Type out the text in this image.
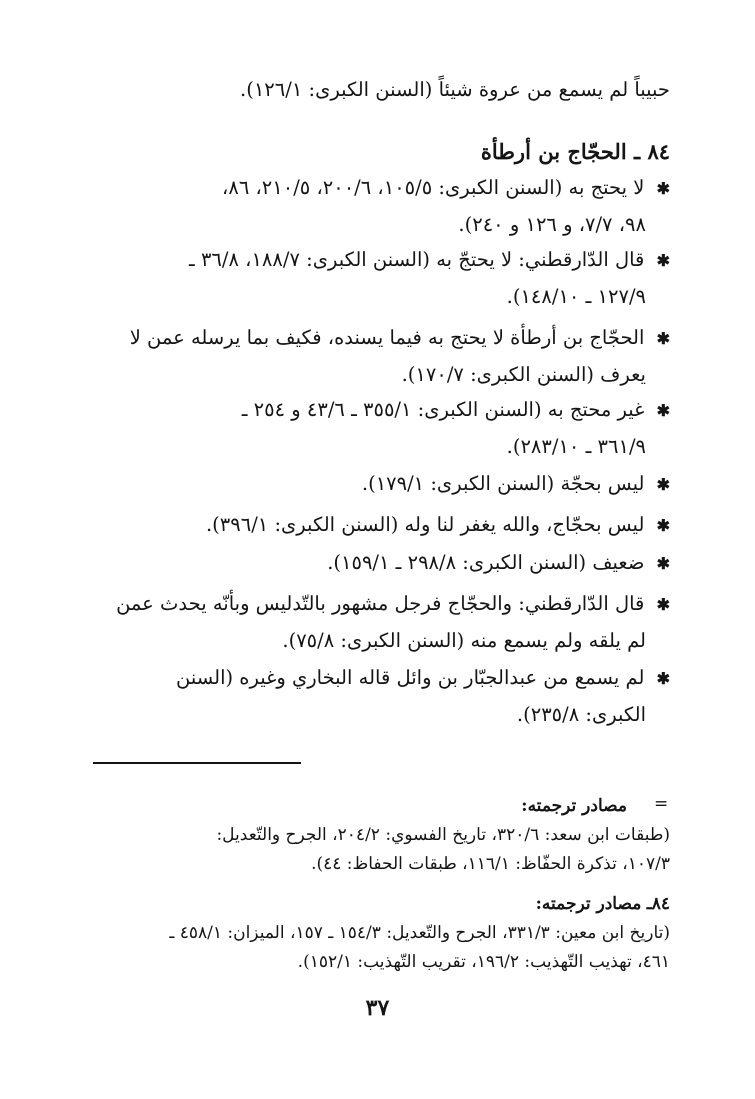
حبيباً لم يسمع من عروة شيئاً (السنن الكبرى: ١٢٦/١).

٨٤ ـ الحجّاج بن أرطأة

✱ لا يحتج به (السنن الكبرى: ١٠٥/٥، ٢٠٠/٦، ٢١٠/٥، ٨٦،
٩٨، ٧/٧، و ١٢٦ و ٢٤٠).
✱ قال الدّارقطني: لا يحتجّ به (السنن الكبرى: ١٨٨/٧، ٣٦/٨ ـ
١٢٧/٩ ـ ١٤٨/١٠).
✱ الحجّاج بن أرطأة لا يحتج به فيما يسنده، فكيف بما يرسله عمن لا
يعرف (السنن الكبرى: ١٧٠/٧).
✱ غير محتج به (السنن الكبرى: ٣٥٥/١ ـ ٤٣/٦ و ٢٥٤ ـ
٣٦١/٩ ـ ٢٨٣/١٠).
✱ ليس بحجّة (السنن الكبرى: ١٧٩/١).
✱ ليس بحجّاج، والله يغفر لنا وله (السنن الكبرى: ٣٩٦/١).
✱ ضعيف (السنن الكبرى: ٢٩٨/٨ ـ ١٥٩/١).
✱ قال الدّارقطني: والحجّاج فرجل مشهور بالتّدليس وبأنّه يحدث عمن
لم يلقه ولم يسمع منه (السنن الكبرى: ٧٥/٨).
✱ لم يسمع من عبدالجبّار بن وائل قاله البخاري وغيره (السنن
الكبرى: ٢٣٥/٨).
=
مصادر ترجمته:
(طبقات ابن سعد: ٣٢٠/٦، تاريخ الفسوي: ٢٠٤/٢، الجرح والتّعديل:
١٠٧/٣، تذكرة الحفّاظ: ١١٦/١، طبقات الحفاظ: ٤٤).
٨٤ـ مصادر ترجمته:
(تاريخ ابن معين: ٣٣١/٣، الجرح والتّعديل: ١٥٤/٣ ـ ١٥٧، الميزان: ٤٥٨/١ ـ
٤٦١، تهذيب التّهذيب: ١٩٦/٢، تقريب التّهذيب: ١٥٢/١).
٣٧
